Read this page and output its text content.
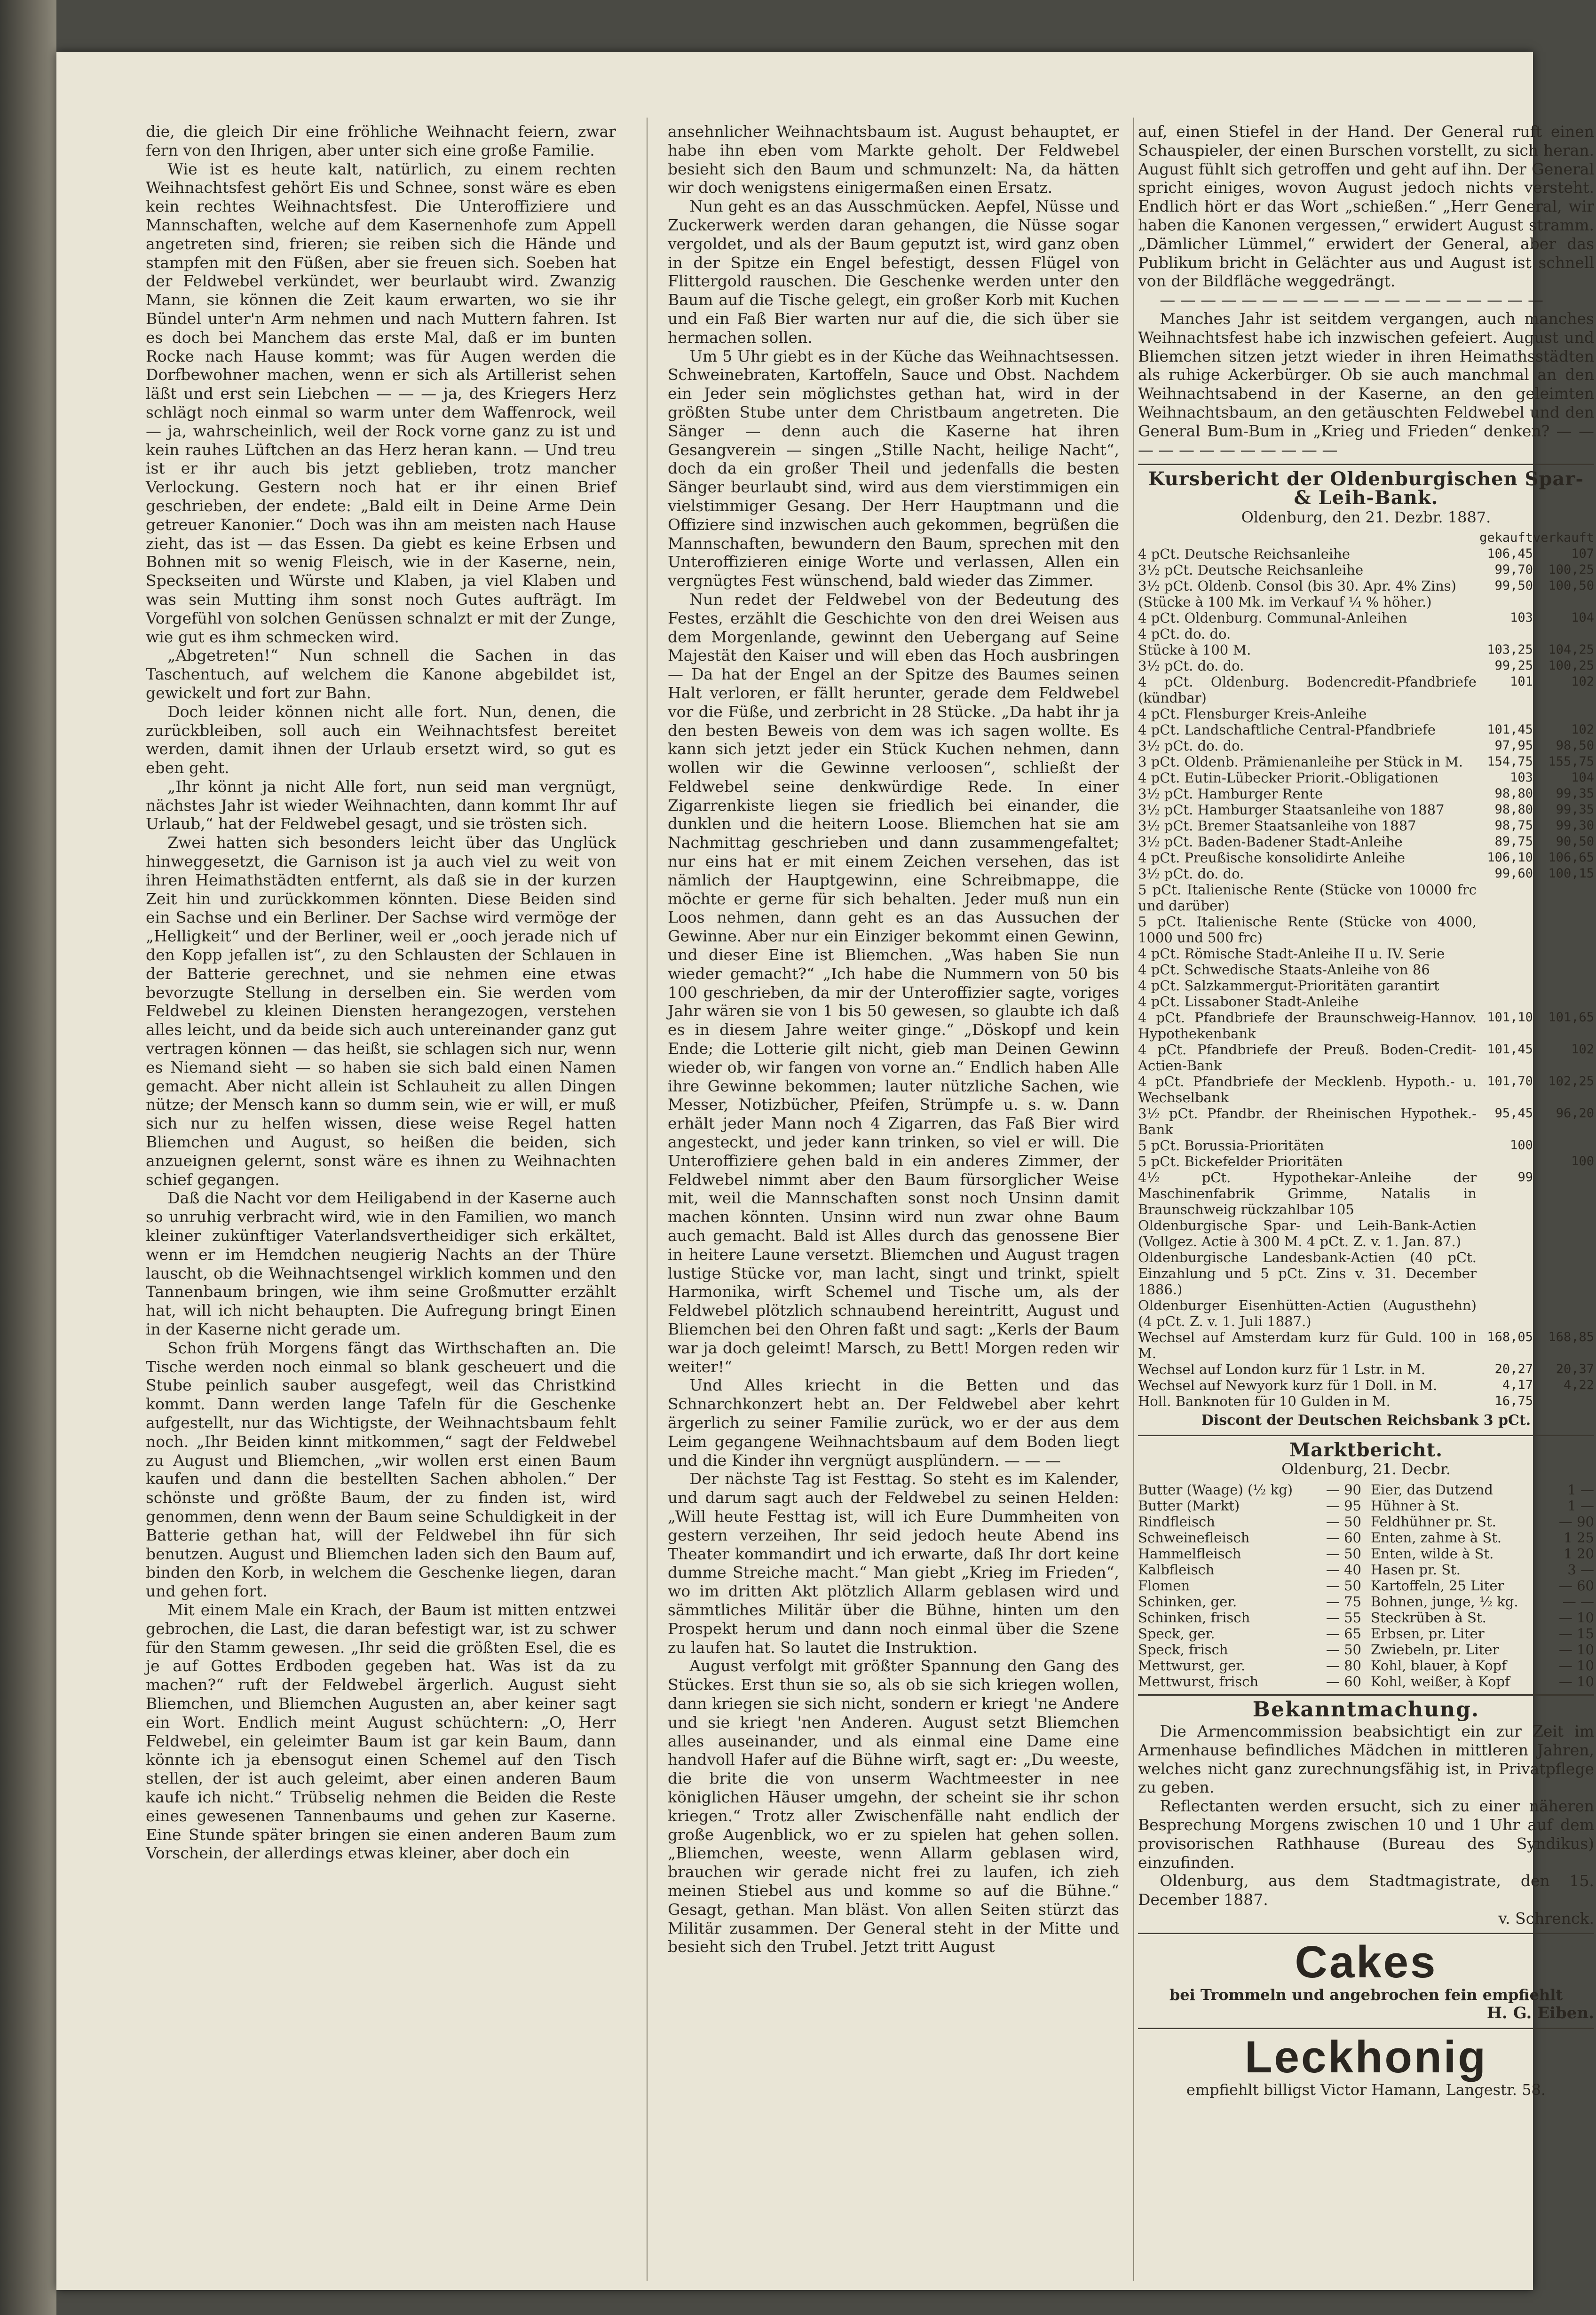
die, die gleich Dir eine fröhliche Weihnacht feiern, zwar fern von den Ihrigen, aber unter sich eine große Familie.

Wie ist es heute kalt, natürlich, zu einem rechten Weihnachtsfest gehört Eis und Schnee, sonst wäre es eben kein rechtes Weihnachtsfest. Die Unteroffiziere und Mannschaften, welche auf dem Kasernenhofe zum Appell angetreten sind, frieren; sie reiben sich die Hände und stampfen mit den Füßen, aber sie freuen sich. Soeben hat der Feldwebel verkündet, wer beurlaubt wird. Zwanzig Mann, sie können die Zeit kaum erwarten, wo sie ihr Bündel unter'n Arm nehmen und nach Muttern fahren. Ist es doch bei Manchem das erste Mal, daß er im bunten Rocke nach Hause kommt; was für Augen werden die Dorfbewohner machen, wenn er sich als Artillerist sehen läßt und erst sein Liebchen — — — ja, des Kriegers Herz schlägt noch einmal so warm unter dem Waffenrock, weil — ja, wahrscheinlich, weil der Rock vorne ganz zu ist und kein rauhes Lüftchen an das Herz heran kann. — Und treu ist er ihr auch bis jetzt geblieben, trotz mancher Verlockung. Gestern noch hat er ihr einen Brief geschrieben, der endete: „Bald eilt in Deine Arme Dein getreuer Kanonier.“ Doch was ihn am meisten nach Hause zieht, das ist — das Essen. Da giebt es keine Erbsen und Bohnen mit so wenig Fleisch, wie in der Kaserne, nein, Speckseiten und Würste und Klaben, ja viel Klaben und was sein Mutting ihm sonst noch Gutes aufträgt. Im Vorgefühl von solchen Genüssen schnalzt er mit der Zunge, wie gut es ihm schmecken wird.

„Abgetreten!“ Nun schnell die Sachen in das Taschentuch, auf welchem die Kanone abgebildet ist, gewickelt und fort zur Bahn.

Doch leider können nicht alle fort. Nun, denen, die zurückbleiben, soll auch ein Weihnachtsfest bereitet werden, damit ihnen der Urlaub ersetzt wird, so gut es eben geht.

„Ihr könnt ja nicht Alle fort, nun seid man vergnügt, nächstes Jahr ist wieder Weihnachten, dann kommt Ihr auf Urlaub,“ hat der Feldwebel gesagt, und sie trösten sich.

Zwei hatten sich besonders leicht über das Unglück hinweggesetzt, die Garnison ist ja auch viel zu weit von ihren Heimathstädten entfernt, als daß sie in der kurzen Zeit hin und zurückkommen könnten. Diese Beiden sind ein Sachse und ein Berliner. Der Sachse wird vermöge der „Helligkeit“ und der Berliner, weil er „ooch jerade nich uf den Kopp jefallen ist“, zu den Schlausten der Schlauen in der Batterie gerechnet, und sie nehmen eine etwas bevorzugte Stellung in derselben ein. Sie werden vom Feldwebel zu kleinen Diensten herangezogen, verstehen alles leicht, und da beide sich auch untereinander ganz gut vertragen können — das heißt, sie schlagen sich nur, wenn es Niemand sieht — so haben sie sich bald einen Namen gemacht. Aber nicht allein ist Schlauheit zu allen Dingen nütze; der Mensch kann so dumm sein, wie er will, er muß sich nur zu helfen wissen, diese weise Regel hatten Bliemchen und August, so heißen die beiden, sich anzueignen gelernt, sonst wäre es ihnen zu Weihnachten schief gegangen.

Daß die Nacht vor dem Heiligabend in der Kaserne auch so unruhig verbracht wird, wie in den Familien, wo manch kleiner zukünftiger Vaterlandsvertheidiger sich erkältet, wenn er im Hemdchen neugierig Nachts an der Thüre lauscht, ob die Weihnachtsengel wirklich kommen und den Tannenbaum bringen, wie ihm seine Großmutter erzählt hat, will ich nicht behaupten. Die Aufregung bringt Einen in der Kaserne nicht gerade um.

Schon früh Morgens fängt das Wirthschaften an. Die Tische werden noch einmal so blank gescheuert und die Stube peinlich sauber ausgefegt, weil das Christkind kommt. Dann werden lange Tafeln für die Geschenke aufgestellt, nur das Wichtigste, der Weihnachtsbaum fehlt noch. „Ihr Beiden kinnt mitkommen,“ sagt der Feldwebel zu August und Bliemchen, „wir wollen erst einen Baum kaufen und dann die bestellten Sachen abholen.“ Der schönste und größte Baum, der zu finden ist, wird genommen, denn wenn der Baum seine Schuldigkeit in der Batterie gethan hat, will der Feldwebel ihn für sich benutzen. August und Bliemchen laden sich den Baum auf, binden den Korb, in welchem die Geschenke liegen, daran und gehen fort.

Mit einem Male ein Krach, der Baum ist mitten entzwei gebrochen, die Last, die daran befestigt war, ist zu schwer für den Stamm gewesen. „Ihr seid die größten Esel, die es je auf Gottes Erdboden gegeben hat. Was ist da zu machen?“ ruft der Feldwebel ärgerlich. August sieht Bliemchen, und Bliemchen Augusten an, aber keiner sagt ein Wort. Endlich meint August schüchtern: „O, Herr Feldwebel, ein geleimter Baum ist gar kein Baum, dann könnte ich ja ebensogut einen Schemel auf den Tisch stellen, der ist auch geleimt, aber einen anderen Baum kaufe ich nicht.“ Trübselig nehmen die Beiden die Reste eines gewesenen Tannenbaums und gehen zur Kaserne. Eine Stunde später bringen sie einen anderen Baum zum Vorschein, der allerdings etwas kleiner, aber doch ein

ansehnlicher Weihnachtsbaum ist. August behauptet, er habe ihn eben vom Markte geholt. Der Feldwebel besieht sich den Baum und schmunzelt: Na, da hätten wir doch wenigstens einigermaßen einen Ersatz.

Nun geht es an das Ausschmücken. Aepfel, Nüsse und Zuckerwerk werden daran gehangen, die Nüsse sogar vergoldet, und als der Baum geputzt ist, wird ganz oben in der Spitze ein Engel befestigt, dessen Flügel von Flittergold rauschen. Die Geschenke werden unter den Baum auf die Tische gelegt, ein großer Korb mit Kuchen und ein Faß Bier warten nur auf die, die sich über sie hermachen sollen.

Um 5 Uhr giebt es in der Küche das Weihnachtsessen. Schweinebraten, Kartoffeln, Sauce und Obst. Nachdem ein Jeder sein möglichstes gethan hat, wird in der größten Stube unter dem Christbaum angetreten. Die Sänger — denn auch die Kaserne hat ihren Gesangverein — singen „Stille Nacht, heilige Nacht“, doch da ein großer Theil und jedenfalls die besten Sänger beurlaubt sind, wird aus dem vierstimmigen ein vielstimmiger Gesang. Der Herr Hauptmann und die Offiziere sind inzwischen auch gekommen, begrüßen die Mannschaften, bewundern den Baum, sprechen mit den Unteroffizieren einige Worte und verlassen, Allen ein vergnügtes Fest wünschend, bald wieder das Zimmer.

Nun redet der Feldwebel von der Bedeutung des Festes, erzählt die Geschichte von den drei Weisen aus dem Morgenlande, gewinnt den Uebergang auf Seine Majestät den Kaiser und will eben das Hoch ausbringen — Da hat der Engel an der Spitze des Baumes seinen Halt verloren, er fällt herunter, gerade dem Feldwebel vor die Füße, und zerbricht in 28 Stücke. „Da habt ihr ja den besten Beweis von dem was ich sagen wollte. Es kann sich jetzt jeder ein Stück Kuchen nehmen, dann wollen wir die Gewinne verloosen“, schließt der Feldwebel seine denkwürdige Rede. In einer Zigarrenkiste liegen sie friedlich bei einander, die dunklen und die heitern Loose. Bliemchen hat sie am Nachmittag geschrieben und dann zusammengefaltet; nur eins hat er mit einem Zeichen versehen, das ist nämlich der Hauptgewinn, eine Schreibmappe, die möchte er gerne für sich behalten. Jeder muß nun ein Loos nehmen, dann geht es an das Aussuchen der Gewinne. Aber nur ein Einziger bekommt einen Gewinn, und dieser Eine ist Bliemchen. „Was haben Sie nun wieder gemacht?“ „Ich habe die Nummern von 50 bis 100 geschrieben, da mir der Unteroffizier sagte, voriges Jahr wären sie von 1 bis 50 gewesen, so glaubte ich daß es in diesem Jahre weiter ginge.“ „Döskopf und kein Ende; die Lotterie gilt nicht, gieb man Deinen Gewinn wieder ob, wir fangen von vorne an.“ Endlich haben Alle ihre Gewinne bekommen; lauter nützliche Sachen, wie Messer, Notizbücher, Pfeifen, Strümpfe u. s. w. Dann erhält jeder Mann noch 4 Zigarren, das Faß Bier wird angesteckt, und jeder kann trinken, so viel er will. Die Unteroffiziere gehen bald in ein anderes Zimmer, der Feldwebel nimmt aber den Baum fürsorglicher Weise mit, weil die Mannschaften sonst noch Unsinn damit machen könnten. Unsinn wird nun zwar ohne Baum auch gemacht. Bald ist Alles durch das genossene Bier in heitere Laune versetzt. Bliemchen und August tragen lustige Stücke vor, man lacht, singt und trinkt, spielt Harmonika, wirft Schemel und Tische um, als der Feldwebel plötzlich schnaubend hereintritt, August und Bliemchen bei den Ohren faßt und sagt: „Kerls der Baum war ja doch geleimt! Marsch, zu Bett! Morgen reden wir weiter!“

Und Alles kriecht in die Betten und das Schnarchkonzert hebt an. Der Feldwebel aber kehrt ärgerlich zu seiner Familie zurück, wo er der aus dem Leim gegangene Weihnachtsbaum auf dem Boden liegt und die Kinder ihn vergnügt ausplündern. — — —

Der nächste Tag ist Festtag. So steht es im Kalender, und darum sagt auch der Feldwebel zu seinen Helden: „Will heute Festtag ist, will ich Eure Dummheiten von gestern verzeihen, Ihr seid jedoch heute Abend ins Theater kommandirt und ich erwarte, daß Ihr dort keine dumme Streiche macht.“ Man giebt „Krieg im Frieden“, wo im dritten Akt plötzlich Allarm geblasen wird und sämmtliches Militär über die Bühne, hinten um den Prospekt herum und dann noch einmal über die Szene zu laufen hat. So lautet die Instruktion.

August verfolgt mit größter Spannung den Gang des Stückes. Erst thun sie so, als ob sie sich kriegen wollen, dann kriegen sie sich nicht, sondern er kriegt 'ne Andere und sie kriegt 'nen Anderen. August setzt Bliemchen alles auseinander, und als einmal eine Dame eine handvoll Hafer auf die Bühne wirft, sagt er: „Du weeste, die brite die von unserm Wachtmeester in nee königlichen Häuser umgehn, der scheint sie ihr schon kriegen.“ Trotz aller Zwischenfälle naht endlich der große Augenblick, wo er zu spielen hat gehen sollen. „Bliemchen, weeste, wenn Allarm geblasen wird, brauchen wir gerade nicht frei zu laufen, ich zieh meinen Stiebel aus und komme so auf die Bühne.“ Gesagt, gethan. Man bläst. Von allen Seiten stürzt das Militär zusammen. Der General steht in der Mitte und besieht sich den Trubel. Jetzt tritt August

auf, einen Stiefel in der Hand. Der General ruft einen Schauspieler, der einen Burschen vorstellt, zu sich heran. August fühlt sich getroffen und geht auf ihn. Der General spricht einiges, wovon August jedoch nichts versteht. Endlich hört er das Wort „schießen.“ „Herr General, wir haben die Kanonen vergessen,“ erwidert August stramm. „Dämlicher Lümmel,“ erwidert der General, aber das Publikum bricht in Gelächter aus und August ist schnell von der Bildfläche weggedrängt.

— — — — — — — — — — — — — — — — — — —

Manches Jahr ist seitdem vergangen, auch manches Weihnachtsfest habe ich inzwischen gefeiert. August und Bliemchen sitzen jetzt wieder in ihren Heimathsstädten als ruhige Ackerbürger. Ob sie auch manchmal an den Weihnachtsabend in der Kaserne, an den geleimten Weihnachtsbaum, an den getäuschten Feldwebel und den General Bum-Bum in „Krieg und Frieden“ denken? — — — — — — — — — — — —

Kursbericht der Oldenburgischen Spar- & Leih-Bank.
Oldenburg, den 21. Dezbr. 1887.
	gekauft	verkauft
4 pCt. Deutsche Reichsanleihe	106,45	107
3½ pCt. Deutsche Reichsanleihe	99,70	100,25
3½ pCt. Oldenb. Consol (bis 30. Apr. 4% Zins)	99,50	100,50
(Stücke à 100 Mk. im Verkauf ¼ % höher.)		
4 pCt. Oldenburg. Communal-Anleihen	103	104
4 pCt. do. do.		
Stücke à 100 M.	103,25	104,25
3½ pCt. do. do.	99,25	100,25
4 pCt. Oldenburg. Bodencredit-Pfandbriefe (kündbar)	101	102
4 pCt. Flensburger Kreis-Anleihe		
4 pCt. Landschaftliche Central-Pfandbriefe	101,45	102
3½ pCt. do. do.	97,95	98,50
3 pCt. Oldenb. Prämienanleihe per Stück in M.	154,75	155,75
4 pCt. Eutin-Lübecker Priorit.-Obligationen	103	104
3½ pCt. Hamburger Rente	98,80	99,35
3½ pCt. Hamburger Staatsanleihe von 1887	98,80	99,35
3½ pCt. Bremer Staatsanleihe von 1887	98,75	99,30
3½ pCt. Baden-Badener Stadt-Anleihe	89,75	90,50
4 pCt. Preußische konsolidirte Anleihe	106,10	106,65
3½ pCt. do. do.	99,60	100,15
5 pCt. Italienische Rente (Stücke von 10000 frc und darüber)		
5 pCt. Italienische Rente (Stücke von 4000, 1000 und 500 frc)		
4 pCt. Römische Stadt-Anleihe II u. IV. Serie		
4 pCt. Schwedische Staats-Anleihe von 86		
4 pCt. Salzkammergut-Prioritäten garantirt		
4 pCt. Lissaboner Stadt-Anleihe		
4 pCt. Pfandbriefe der Braunschweig-Hannov. Hypothekenbank	101,10	101,65
4 pCt. Pfandbriefe der Preuß. Boden-Credit-Actien-Bank	101,45	102
4 pCt. Pfandbriefe der Mecklenb. Hypoth.- u. Wechselbank	101,70	102,25
3½ pCt. Pfandbr. der Rheinischen Hypothek.-Bank	95,45	96,20
5 pCt. Borussia-Prioritäten	100	
5 pCt. Bickefelder Prioritäten		100
4½ pCt. Hypothekar-Anleihe der Maschinenfabrik Grimme, Natalis in Braunschweig rückzahlbar 105	99	
Oldenburgische Spar- und Leih-Bank-Actien (Vollgez. Actie à 300 M. 4 pCt. Z. v. 1. Jan. 87.)		
Oldenburgische Landesbank-Actien (40 pCt. Einzahlung und 5 pCt. Zins v. 31. December 1886.)		
Oldenburger Eisenhütten-Actien (Augusthehn) (4 pCt. Z. v. 1. Juli 1887.)		
Wechsel auf Amsterdam kurz für Guld. 100 in M.	168,05	168,85
Wechsel auf London kurz für 1 Lstr. in M.	20,27	20,37
Wechsel auf Newyork kurz für 1 Doll. in M.	4,17	4,22
Holl. Banknoten für 10 Gulden in M.	16,75	
Discont der Deutschen Reichsbank 3 pCt.
Marktbericht.
Oldenburg, 21. Decbr.
Butter (Waage) (½ kg) — 90
Butter (Markt)	— 95
Rindfleisch	— 50
Schweinefleisch	— 60
Hammelfleisch	— 50
Kalbfleisch	— 40
Flomen	— 50
Schinken, ger.	— 75
Schinken, frisch	— 55
Speck, ger.	— 65
Speck, frisch	— 50
Mettwurst, ger.	— 80
Mettwurst, frisch	— 60
Eier, das Dutzend	1 —
Hühner à St.	1 —
Feldhühner pr. St.	— 90
Enten, zahme à St.	1 25
Enten, wilde à St.	1 20
Hasen pr. St.	3 —
Kartoffeln, 25 Liter	— 60
Bohnen, junge, ½ kg.	— —
Steckrüben à St.	— 10
Erbsen, pr. Liter	— 15
Zwiebeln, pr. Liter	— 10
Kohl, blauer, à Kopf	— 10
Kohl, weißer, à Kopf	— 10
Bekanntmachung.

Die Armencommission beabsichtigt ein zur Zeit im Armenhause befindliches Mädchen in mittleren Jahren, welches nicht ganz zurechnungsfähig ist, in Privatpflege zu geben.

Reflectanten werden ersucht, sich zu einer näheren Besprechung Morgens zwischen 10 und 1 Uhr auf dem provisorischen Rathhause (Bureau des Syndikus) einzufinden.

Oldenburg, aus dem Stadtmagistrate, den 15. December 1887.

v. Schrenck.
Cakes
bei Trommeln und angebrochen fein empfiehlt
H. G. Eiben.
Leckhonig
empfiehlt billigst Victor Hamann, Langestr. 58.
